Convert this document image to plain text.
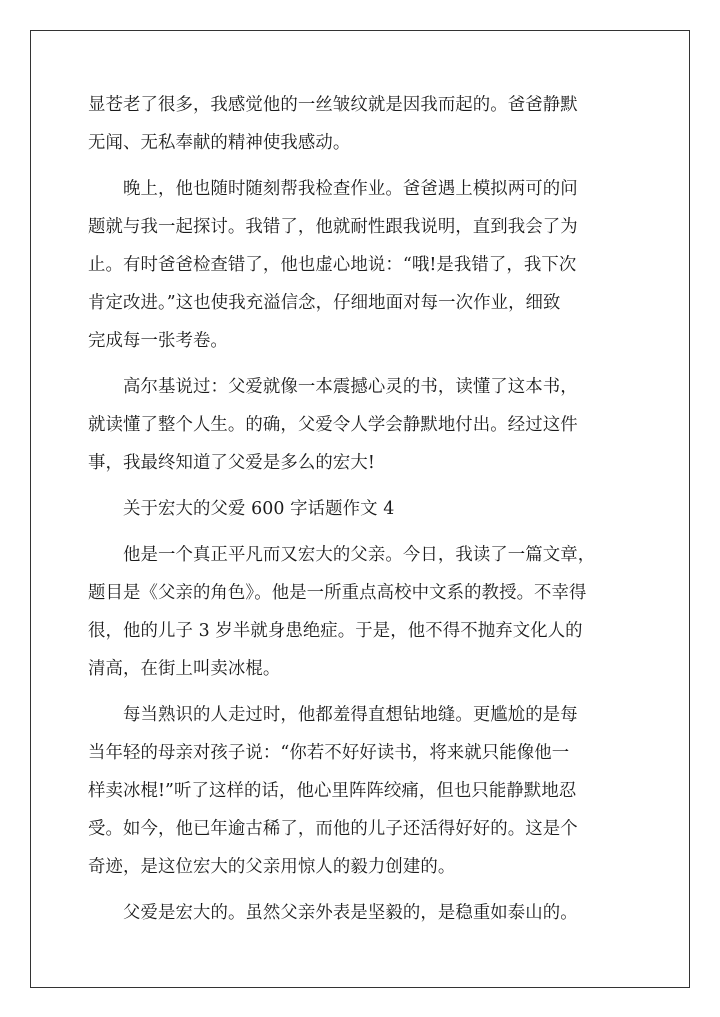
显苍老了很多，我感觉他的一丝皱纹就是因我而起的。爸爸静默
无闻、无私奉献的精神使我感动。
晚上，他也随时随刻帮我检查作业。爸爸遇上模拟两可的问
题就与我一起探讨。我错了，他就耐性跟我说明，直到我会了为
止。有时爸爸检查错了，他也虚心地说：“哦!是我错了，我下次
肯定改进。”这也使我充溢信念，仔细地面对每一次作业，细致
完成每一张考卷。
高尔基说过：父爱就像一本震撼心灵的书，读懂了这本书，
就读懂了整个人生。的确，父爱令人学会静默地付出。经过这件
事，我最终知道了父爱是多么的宏大!
关于宏大的父爱 600 字话题作文 4
他是一个真正平凡而又宏大的父亲。今日，我读了一篇文章，
题目是《父亲的角色》。他是一所重点高校中文系的教授。不幸得
很，他的儿子 3 岁半就身患绝症。于是，他不得不抛弃文化人的
清高，在街上叫卖冰棍。
每当熟识的人走过时，他都羞得直想钻地缝。更尴尬的是每
当年轻的母亲对孩子说：“你若不好好读书，将来就只能像他一
样卖冰棍!”听了这样的话，他心里阵阵绞痛，但也只能静默地忍
受。如今，他已年逾古稀了，而他的儿子还活得好好的。这是个
奇迹，是这位宏大的父亲用惊人的毅力创建的。
父爱是宏大的。虽然父亲外表是坚毅的，是稳重如泰山的。
